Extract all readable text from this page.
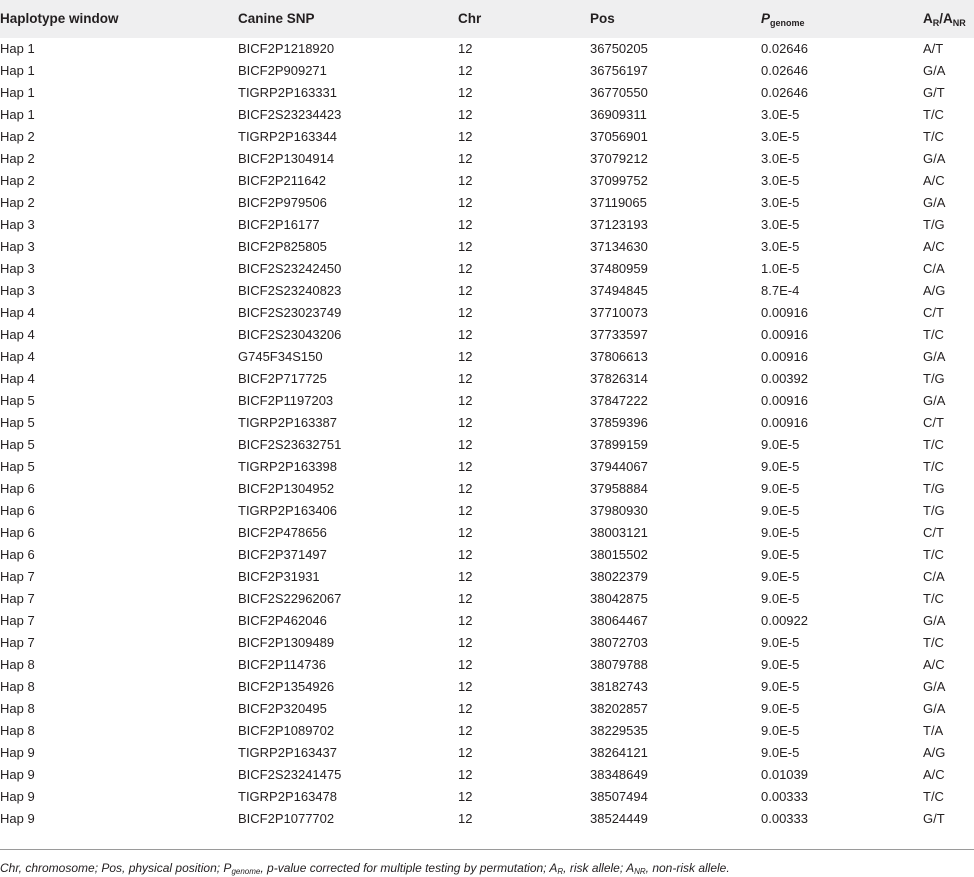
Haplotype window	Canine SNP	Chr	Pos	$P_{genome}$	$A_R/A_{NR}$
Hap 1	BICF2P1218920	12	36750205	0.02646	A/T
Hap 1	BICF2P909271	12	36756197	0.02646	G/A
Hap 1	TIGRP2P163331	12	36770550	0.02646	G/T
Hap 1	BICF2S23234423	12	36909311	3.0E-5	T/C
Hap 2	TIGRP2P163344	12	37056901	3.0E-5	T/C
Hap 2	BICF2P1304914	12	37079212	3.0E-5	G/A
Hap 2	BICF2P211642	12	37099752	3.0E-5	A/C
Hap 2	BICF2P979506	12	37119065	3.0E-5	G/A
Hap 3	BICF2P16177	12	37123193	3.0E-5	T/G
Hap 3	BICF2P825805	12	37134630	3.0E-5	A/C
Hap 3	BICF2S23242450	12	37480959	1.0E-5	C/A
Hap 3	BICF2S23240823	12	37494845	8.7E-4	A/G
Hap 4	BICF2S23023749	12	37710073	0.00916	C/T
Hap 4	BICF2S23043206	12	37733597	0.00916	T/C
Hap 4	G745F34S150	12	37806613	0.00916	G/A
Hap 4	BICF2P717725	12	37826314	0.00392	T/G
Hap 5	BICF2P1197203	12	37847222	0.00916	G/A
Hap 5	TIGRP2P163387	12	37859396	0.00916	C/T
Hap 5	BICF2S23632751	12	37899159	9.0E-5	T/C
Hap 5	TIGRP2P163398	12	37944067	9.0E-5	T/C
Hap 6	BICF2P1304952	12	37958884	9.0E-5	T/G
Hap 6	TIGRP2P163406	12	37980930	9.0E-5	T/G
Hap 6	BICF2P478656	12	38003121	9.0E-5	C/T
Hap 6	BICF2P371497	12	38015502	9.0E-5	T/C
Hap 7	BICF2P31931	12	38022379	9.0E-5	C/A
Hap 7	BICF2S22962067	12	38042875	9.0E-5	T/C
Hap 7	BICF2P462046	12	38064467	0.00922	G/A
Hap 7	BICF2P1309489	12	38072703	9.0E-5	T/C
Hap 8	BICF2P114736	12	38079788	9.0E-5	A/C
Hap 8	BICF2P1354926	12	38182743	9.0E-5	G/A
Hap 8	BICF2P320495	12	38202857	9.0E-5	G/A
Hap 8	BICF2P1089702	12	38229535	9.0E-5	T/A
Hap 9	TIGRP2P163437	12	38264121	9.0E-5	A/G
Hap 9	BICF2S23241475	12	38348649	0.01039	A/C
Hap 9	TIGRP2P163478	12	38507494	0.00333	T/C
Hap 9	BICF2P1077702	12	38524449	0.00333	G/T
Chr, chromosome; Pos, physical position; $P_{genome}$, p-value corrected for multiple testing by permutation; $A_R$, risk allele; $A_{NR}$, non-risk allele.
